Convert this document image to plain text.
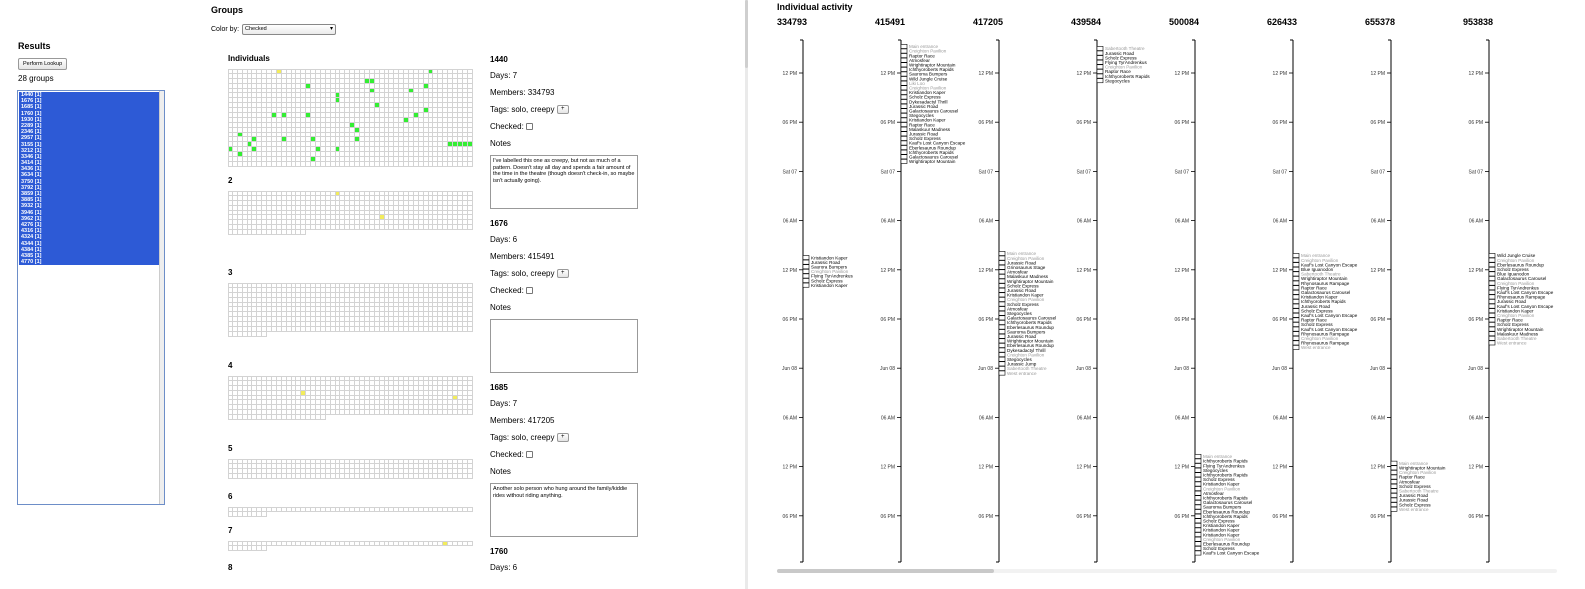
Results
Perform Lookup
28 groups
1440 [1]
1676 [1]
1685 [1]
1760 [1]
1930 [1]
2289 [1]
2346 [1]
2957 [1]
3155 [1]
3212 [1]
3346 [1]
3414 [1]
3436 [1]
3634 [1]
3750 [1]
3792 [1]
3859 [1]
3885 [1]
3932 [1]
3946 [1]
3962 [1]
4276 [1]
4316 [1]
4324 [1]
4344 [1]
4384 [1]
4385 [1]
4770 [1]
Groups
Color by:	Checked ▾
Individuals
2
3
4
5
6
7
8
1440
Days: 7
Members: 334793
Tags: solo, creepy +
Checked:
Notes
I've labelled this one as creepy, but not as much of a pattern. Doesn't stay all day and spends a fair amount of the time in the theatre (though doesn't check-in, so maybe isn't actually going).
1676
Days: 6
Members: 415491
Tags: solo, creepy +
Checked:
Notes
1685
Days: 7
Members: 417205
Tags: solo, creepy +
Checked:
Notes
Another solo person who hung around the family/kiddie rides without riding anything.
1760
Days: 6
Individual activity
334793
12 PM
06 PM
Sat 07
06 AM
12 PM
06 PM
Jun 08
06 AM
12 PM
06 PM
415491
12 PM
06 PM
Sat 07
06 AM
12 PM
06 PM
Jun 08
06 AM
12 PM
06 PM
417205
12 PM
06 PM
Sat 07
06 AM
12 PM
06 PM
Jun 08
06 AM
12 PM
06 PM
439584
12 PM
06 PM
Sat 07
06 AM
12 PM
06 PM
Jun 08
06 AM
12 PM
06 PM
500084
12 PM
06 PM
Sat 07
06 AM
12 PM
06 PM
Jun 08
06 AM
12 PM
06 PM
626433
12 PM
06 PM
Sat 07
06 AM
12 PM
06 PM
Jun 08
06 AM
12 PM
06 PM
655378
12 PM
06 PM
Sat 07
06 AM
12 PM
06 PM
Jun 08
06 AM
12 PM
06 PM
953838
12 PM
06 PM
Sat 07
06 AM
12 PM
06 PM
Jun 08
06 AM
12 PM
06 PM
Kristiandon Kaper
Jurassic Road
Saurora Bumpers
Creighton Pavilion
Flying TyrAndrenkus
Scholz Express
Kristiandon Kaper
Main entrance
Creighton Pavilion
Raptor Race
Atmosfear
Wrightiraptor Mountain
Ichthyoroberts Rapids
Sauroma Bumpers
Wild Jungle Cruise
Liki Loo
Creighton Pavilion
Kristiandon Kaper
Scholz Express
Dykesadactyl Thrill
Jurassic Road
Galactosaurus Carousel
Stegocycles
Kristiandon Kaper
Raptor Race
Malaskuur Madness
Jurassic Road
Scholz Express
Kauf's Lost Canyon Escape
Eberlesaurus Roundup
Ichthyoroberts Rapids
Galactosaurus Carousel
Wrightiraptor Mountain
Main entrance
Creighton Pavilion
Jurassic Road
Grinosaurus Stage
Atmosfear
Malaskuur Madness
Wrightiraptor Mountain
Scholz Express
Jurassic Road
Kristiandon Kaper
Creighton Pavilion
Scholz Express
Atmosfear
Stegocycles
Galactosaurus Carousel
Ichthyoroberts Rapids
Eberlesaurus Roundup
Sauroma Bumpers
Jurassic Road
Wrightiraptor Mountain
Eberlesaurus Roundup
Dykesadactyl Thrill
Creighton Pavilion
Stegocycles
Jurassic Jump
Sabertooth Theatre
West entrance
Sabertooth Theatre
Jurassic Road
Scholz Express
Flying TyrAndrenkus
Creighton Pavilion
Raptor Race
Ichthyoroberts Rapids
Stegocycles
Main entrance
Ichthyoroberts Rapids
Flying TyrAndrenkus
Stegocycles
Ichthyoroberts Rapids
Scholz Express
Kristiandon Kaper
Creighton Pavilion
Atmosfear
Ichthyoroberts Rapids
Galactosaurus Carousel
Sauroma Bumpers
Eberlesaurus Roundup
Ichthyoroberts Rapids
Scholz Express
Kristiandon Kaper
Kristiandon Kaper
Kristiandon Kaper
Creighton Pavilion
Eberlesaurus Roundup
Scholz Express
Kauf's Lost Canyon Escape
Main entrance
Creighton Pavilion
Kauf's Lost Canyon Escape
Blue Iguanodon
Sabertooth Theatre
Wrightiraptor Mountain
Rhynosaurus Rampage
Raptor Race
Galactosaurus Carousel
Kristiandon Kaper
Ichthyoroberts Rapids
Jurassic Road
Scholz Express
Kauf's Lost Canyon Escape
Raptor Race
Scholz Express
Kauf's Lost Canyon Escape
Rhynosaurus Rampage
Creighton Pavilion
Rhynosaurus Rampage
West entrance
Main entrance
Wrightiraptor Mountain
Creighton Pavilion
Raptor Race
Atmosfear
Scholz Express
Sabertooth Theatre
Jurassic Road
Jurassic Road
Scholz Express
West entrance
Wild Jungle Cruise
Creighton Pavilion
Eberlesaurus Roundup
Scholz Express
Blue Iguanodon
Galactosaurus Carousel
Creighton Pavilion
Flying TyrAndrenkus
Kauf's Lost Canyon Escape
Rhynosaurus Rampage
Jurassic Road
Kauf's Lost Canyon Escape
Kristiandon Kaper
Creighton Pavilion
Raptor Race
Scholz Express
Wrightiraptor Mountain
Malaskuur Madness
Sabertooth Theatre
West entrance
